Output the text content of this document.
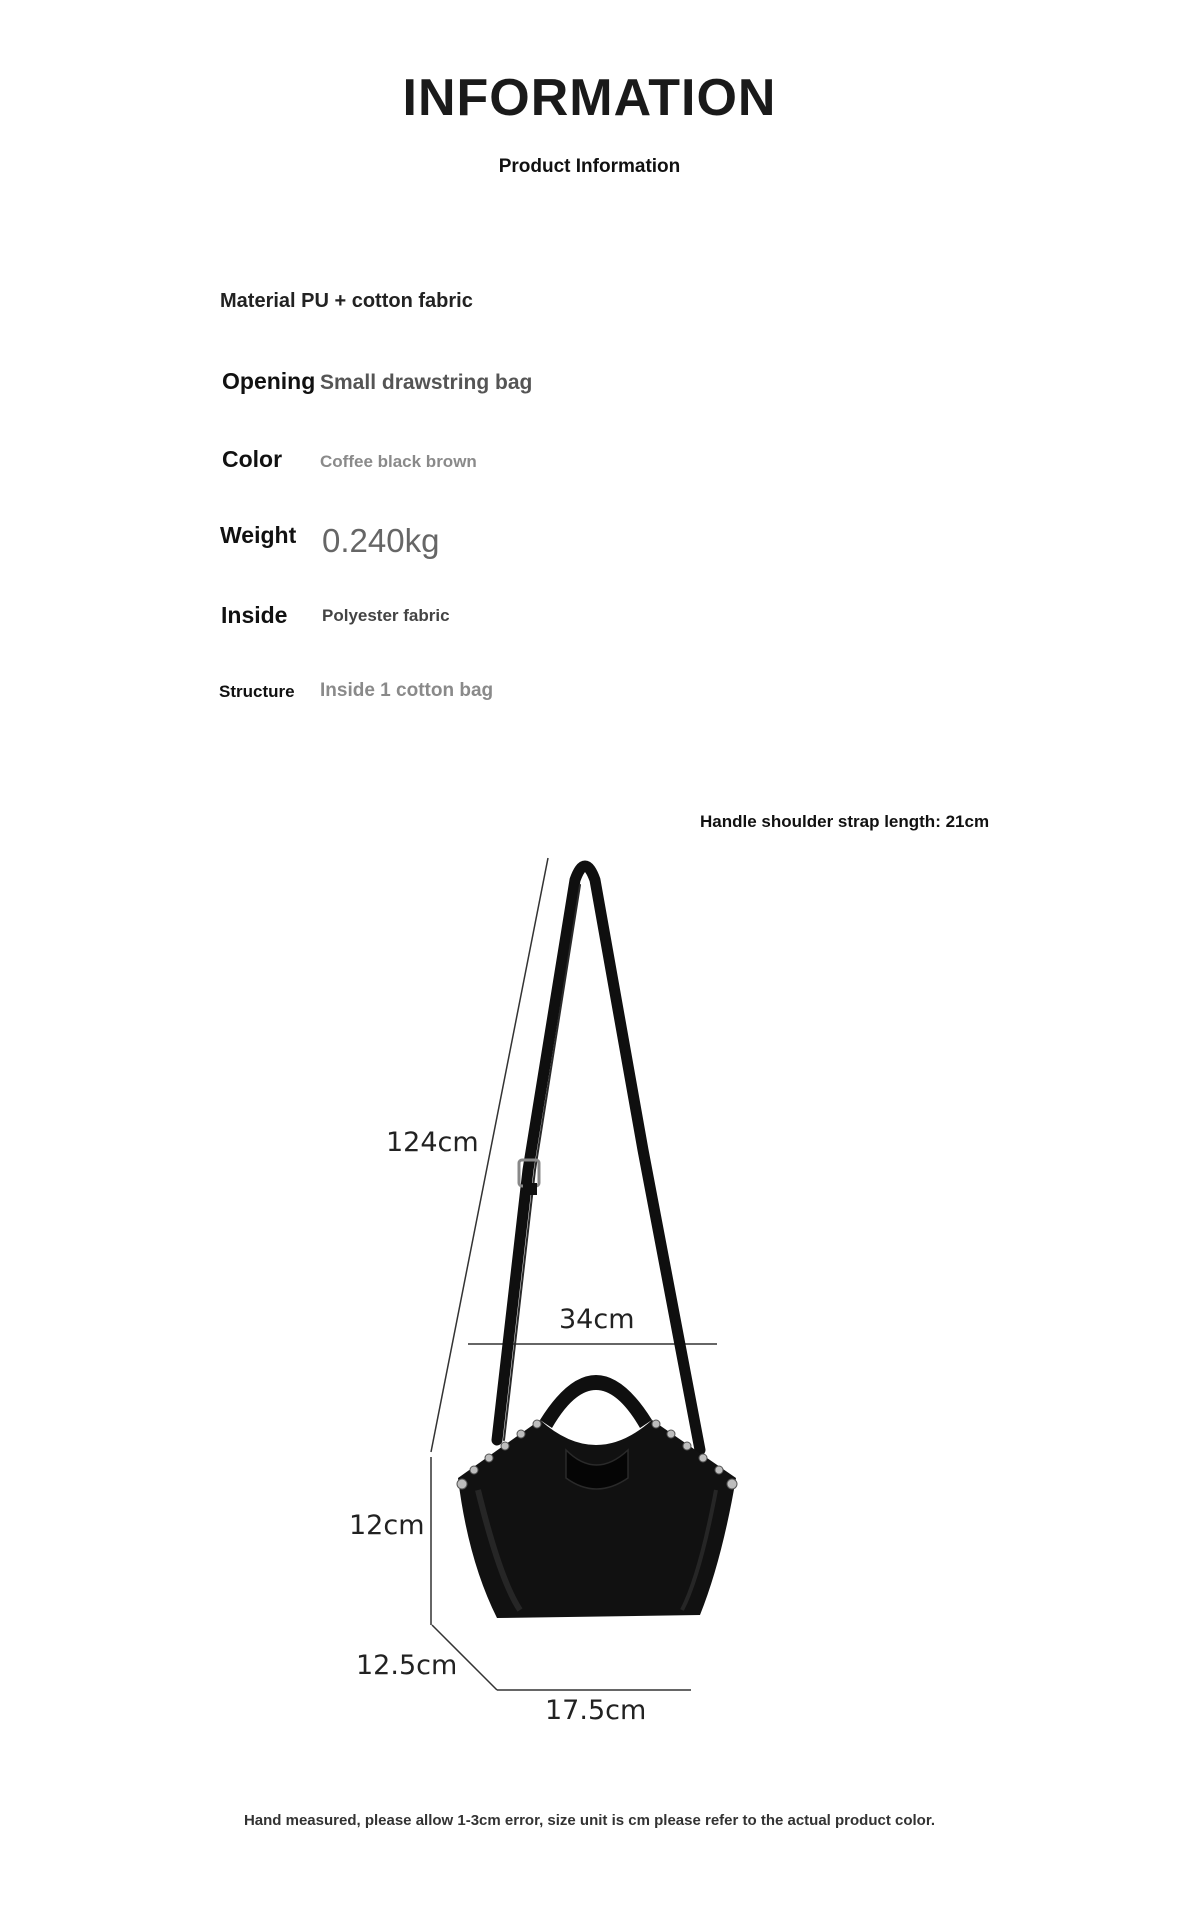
INFORMATION
Product Information
Material PU + cotton fabric
Opening Small drawstring bag
Color Coffee black brown
Weight 0.240kg
Inside Polyester fabric
Structure Inside 1 cotton bag
Handle shoulder strap length: 21cm
124cm
34cm
12cm
12.5cm
17.5cm
Hand measured, please allow 1-3cm error, size unit is cm please refer to the actual product color.
